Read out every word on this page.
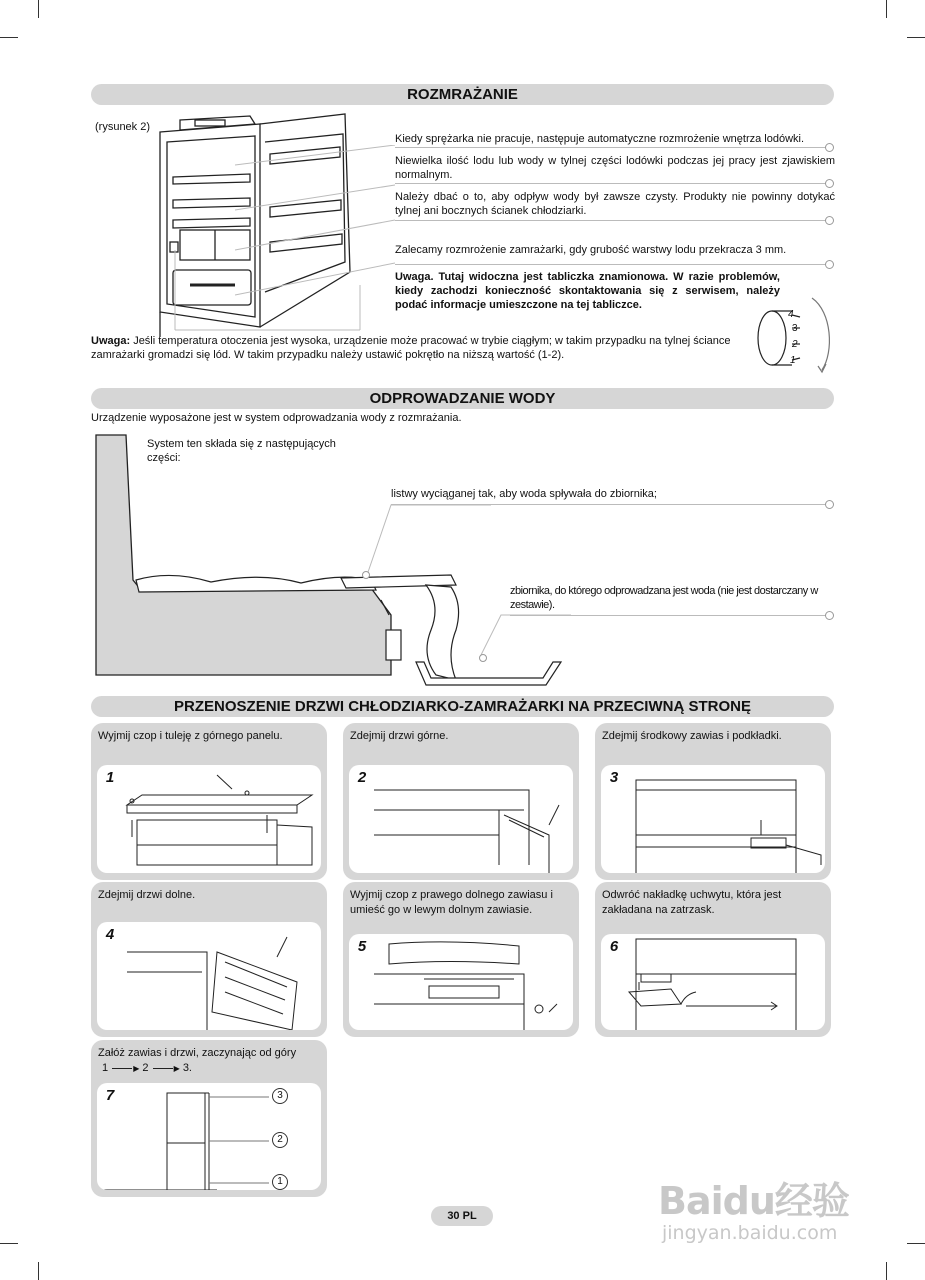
ROZMRAŻANIE
(rysunek 2)
Kiedy sprężarka nie pracuje, następuje automatyczne rozmrożenie wnętrza lodówki.
Niewielka ilość lodu lub wody w tylnej części lodówki podczas jej pracy jest zjawiskiem normalnym.
Należy dbać o to, aby odpływ wody był zawsze czysty. Produkty nie powinny dotykać tylnej ani bocznych ścianek chłodziarki.
Zalecamy rozmrożenie zamrażarki, gdy grubość warstwy lodu przekracza 3 mm.
Uwaga. Tutaj widoczna jest tabliczka znamionowa. W razie problemów, kiedy zachodzi konieczność skontaktowania się z serwisem, należy podać informacje umieszczone na tej tabliczce.
Uwaga: Jeśli temperatura otoczenia jest wysoka, urządzenie może pracować w trybie ciągłym; w takim przypadku na tylnej ściance zamrażarki gromadzi się lód. W takim przypadku należy ustawić pokrętło na niższą wartość (1-2).
4
3
2
1
ODPROWADZANIE WODY
Urządzenie wyposażone jest w system odprowadzania wody z rozmrażania.
System ten składa się z następujących części:
listwy wyciąganej tak, aby woda spływała do zbiornika;
zbiornika, do którego odprowadzana jest woda (nie jest dostarczany w zestawie).
PRZENOSZENIE DRZWI CHŁODZIARKO-ZAMRAŻARKI NA PRZECIWNĄ STRONĘ
Wyjmij czop i tuleję z górnego panelu.
1
Zdejmij drzwi górne.
2
Zdejmij środkowy zawias i podkładki.
3
Zdejmij drzwi dolne.
4
Wyjmij czop z prawego dolnego zawiasu i umieść go w lewym dolnym zawiasie.
5
Odwróć nakładkę uchwytu, która jest zakładana na zatrzask.
6
Załóż zawias i drzwi, zaczynając od góry
1	▶ 2	▶ 3.
7	3
2
1
30 PL	Baidu经验
jingyan.baidu.com
